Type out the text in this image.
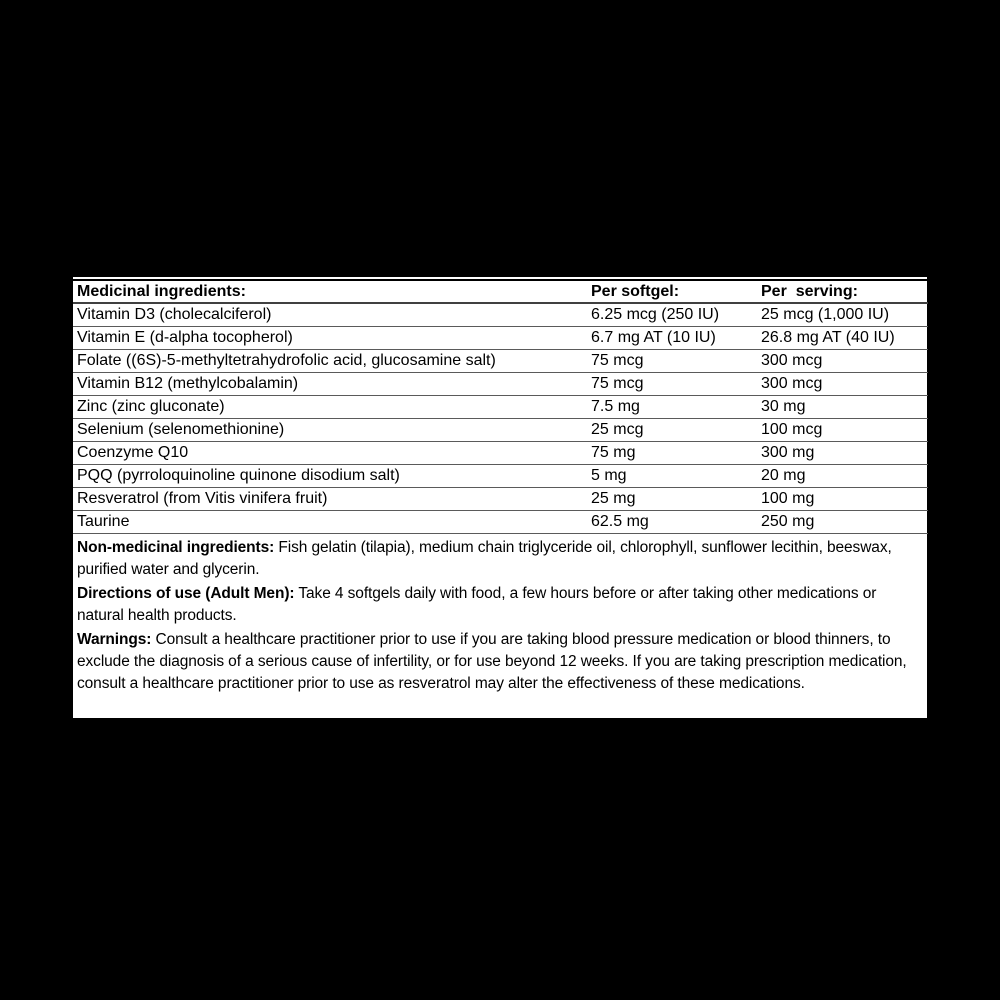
Medicinal ingredients:	Per softgel:	Per  serving:
Vitamin D3 (cholecalciferol)	6.25 mcg (250 IU)	25 mcg (1,000 IU)
Vitamin E (d-alpha tocopherol)	6.7 mg AT (10 IU)	26.8 mg AT (40 IU)
Folate ((6S)-5-methyltetrahydrofolic acid, glucosamine salt)	75 mcg	300 mcg
Vitamin B12 (methylcobalamin)	75 mcg	300 mcg
Zinc (zinc gluconate)	7.5 mg	30 mg
Selenium (selenomethionine)	25 mcg	100 mcg
Coenzyme Q10	75 mg	300 mg
PQQ (pyrroloquinoline quinone disodium salt)	5 mg	20 mg
Resveratrol (from Vitis vinifera fruit)	25 mg	100 mg
Taurine	62.5 mg	250 mg

Non-medicinal ingredients: Fish gelatin (tilapia), medium chain triglyceride oil, chlorophyll, sunflower lecithin, beeswax, purified water and glycerin.

Directions of use (Adult Men): Take 4 softgels daily with food, a few hours before or after taking other medications or natural health products.

Warnings: Consult a healthcare practitioner prior to use if you are taking blood pressure medication or blood thinners, to exclude the diagnosis of a serious cause of infertility, or for use beyond 12 weeks. If you are taking prescription medication, consult a healthcare practitioner prior to use as resveratrol may alter the effectiveness of these medications.
